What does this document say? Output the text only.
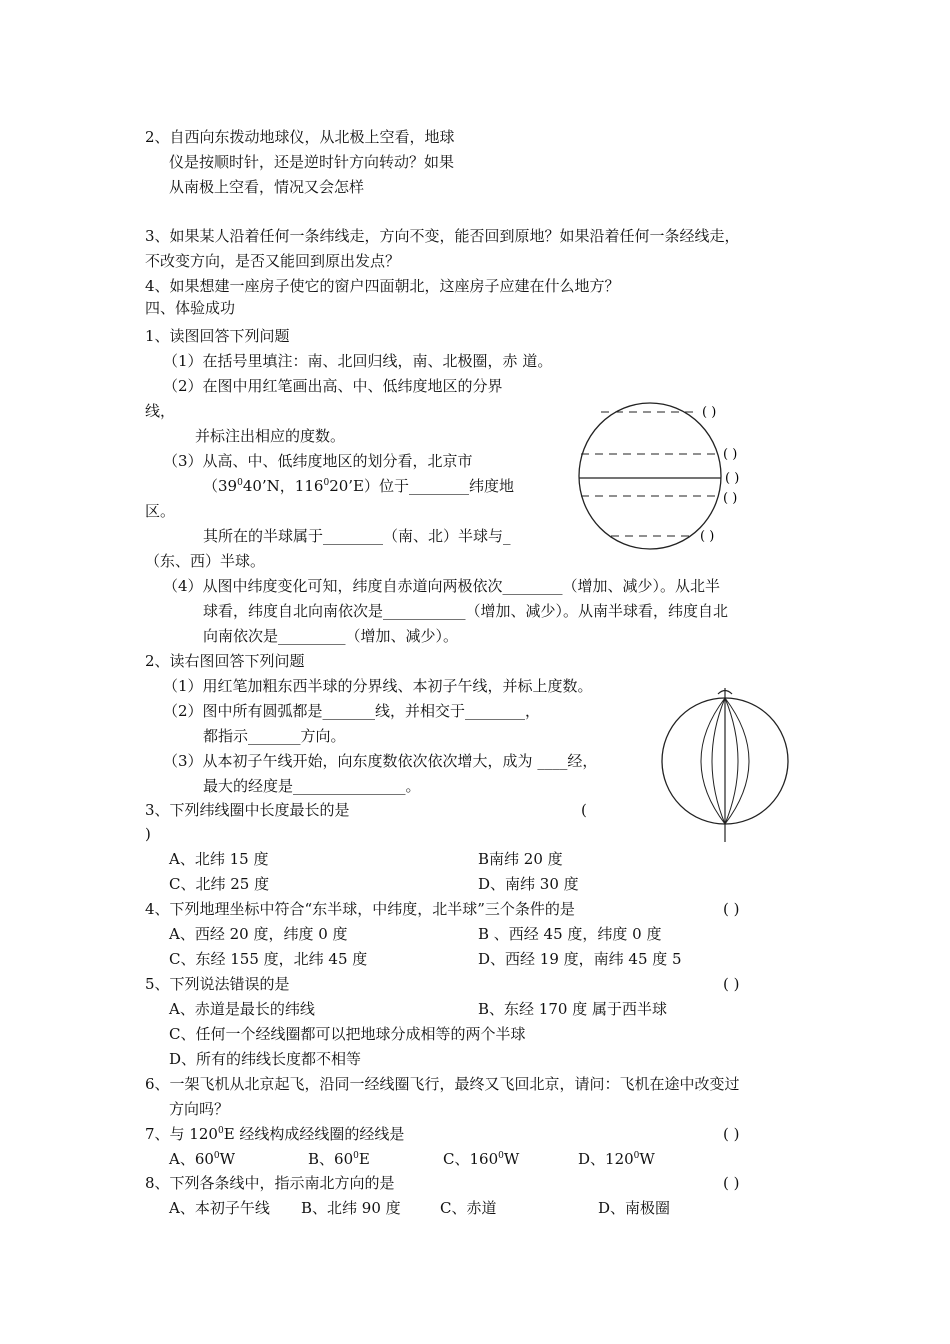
2、自西向东拨动地球仪，从北极上空看，地球
仪是按顺时针，还是逆时针方向转动？如果
从南极上空看，情况又会怎样
3、如果某人沿着任何一条纬线走，方向不变，能否回到原地？如果沿着任何一条经线走，
不改变方向，是否又能回到原出发点？
4、如果想建一座房子使它的窗户四面朝北，这座房子应建在什么地方？
四、体验成功
1、读图回答下列问题
（1）在括号里填注：南、北回归线，南、北极圈，赤 道。
（2）在图中用红笔画出高、中、低纬度地区的分界
线，
并标注出相应的度数。
（3）从高、中、低纬度地区的划分看，北京市
（$39^040’N$，$116^020’E$）位于________纬度地
区。
其所在的半球属于________（南、北）半球与_
（东、西）半球。
（4）从图中纬度变化可知，纬度自赤道向两极依次________（增加、减少）。从北半
球看，纬度自北向南依次是___________（增加、减少）。从南半球看，纬度自北
向南依次是_________（增加、减少）。
( )
( )
( )
( )
( )
2、读右图回答下列问题
（1）用红笔加粗东西半球的分界线、本初子午线，并标上度数。
（2）图中所有圆弧都是_______线，并相交于________，
都指示_______方向。
（3）从本初子午线开始，向东度数依次依次增大，成为 ____经，
最大的经度是_______________。
3、下列纬线圈中长度最长的是	(
)
A、北纬 15 度	B南纬 20 度
C、北纬 25 度	D、南纬 30 度
4、下列地理坐标中符合“东半球，中纬度，北半球”三个条件的是	( )
A、西经 20 度，纬度 0 度	B 、西经 45 度，纬度 0 度
C、东经 155 度，北纬 45 度	D、西经 19 度，南纬 45 度 5
5、下列说法错误的是	( )
A、赤道是最长的纬线	B、东经 170 度 属于西半球
C、任何一个经线圈都可以把地球分成相等的两个半球
D、所有的纬线长度都不相等
6、一架飞机从北京起飞，沿同一经线圈飞行，最终又飞回北京，请问：飞机在途中改变过
方向吗？
7、与 $120^0E$ 经线构成经线圈的经线是	( )
A、$60^0W$	B、$60^0E$	C、$160^0W$	D、$120^0W$
8、下列各条线中，指示南北方向的是	( )
A、本初子午线 B、北纬 90 度	C、赤道	D、南极圈
